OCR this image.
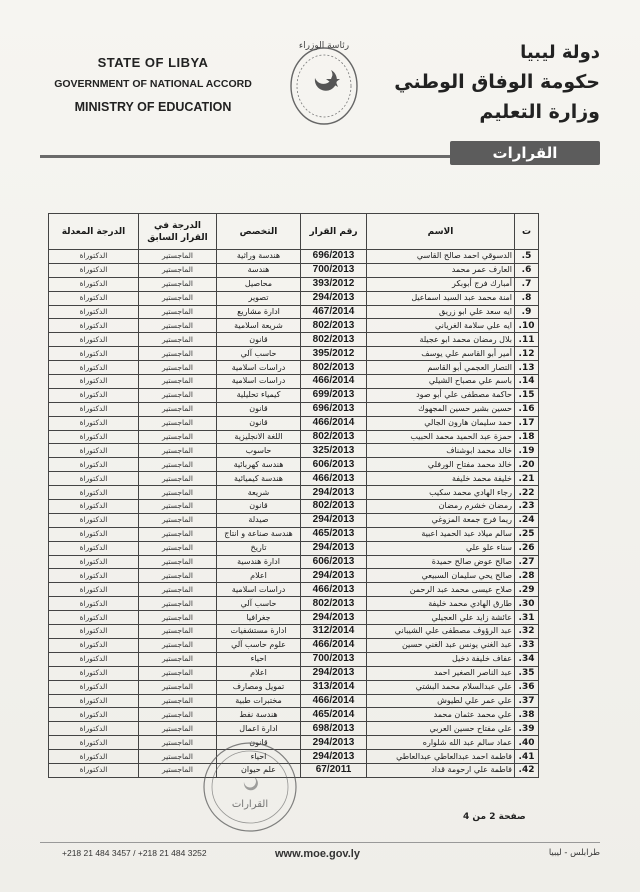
STATE OF LIBYA
GOVERNMENT OF NATIONAL ACCORD
MINISTRY OF EDUCATION
رئاسة الوزراء	دولة ليبيا
حكومة الوفاق الوطني
وزارة التعليم
القرارات
ت	الاسم	رقم القرار	التخصص	الدرجة في القرار السابق	الدرجة المعدلة
5.	الدسوقي احمد صالح القاسي	696/2013	هندسة وراثية	الماجستير	الدكتوراة
6.	العارف عمر محمد	700/2013	هندسة	الماجستير	الدكتوراة
7.	أمبارك فرج أبوبكر	393/2012	محاصيل	الماجستير	الدكتوراة
8.	امنة محمد عبد السيد اسماعيل	294/2013	تصوير	الماجستير	الدكتوراة
9.	ايه سعد علي ابو زريق	467/2014	ادارة مشاريع	الماجستير	الدكتوراة
10.	ايه علي سلامة الغرياني	802/2013	شريعة اسلامية	الماجستير	الدكتوراة
11.	بلال رمضان محمد ابو عجيلة	802/2013	قانون	الماجستير	الدكتوراة
12.	أمير أبو القاسم علي يوسف	395/2012	حاسب آلي	الماجستير	الدكتوراة
13.	التصار العجمي أبو القاسم	802/2013	دراسات اسلامية	الماجستير	الدكتوراة
14.	باسم علي مصباح الشيلي	466/2014	دراسات اسلامية	الماجستير	الدكتوراة
15.	حاكمة مصطفى علي أبو صود	699/2013	كيمياء تحليلية	الماجستير	الدكتوراة
16.	حسين بشير حسين المجهوك	696/2013	قانون	الماجستير	الدكتوراة
17.	حمد سليمان هارون الجالي	466/2014	قانون	الماجستير	الدكتوراة
18.	حمزة عبد الحميد محمد الحبيب	802/2013	اللغة الانجليزية	الماجستير	الدكتوراة
19.	خالد محمد ابوشناف	325/2013	حاسوب	الماجستير	الدكتوراة
20.	خالد محمد مفتاح الورفلي	606/2013	هندسة كهربائية	الماجستير	الدكتوراة
21.	خليفة محمد خليفة	466/2013	هندسة كيميائية	الماجستير	الدكتوراة
22.	رجاء الهادي محمد سكيب	294/2013	شريعة	الماجستير	الدكتوراة
23.	رمضان خشرم رمضان	802/2013	قانون	الماجستير	الدكتوراة
24.	ريما فرج جمعة المزوغي	294/2013	صيدلة	الماجستير	الدكتوراة
25.	سالم ميلاد عبد الحميد اعبية	465/2013	هندسة صناعة و انتاج	الماجستير	الدكتوراة
26.	سناء علو علي	294/2013	تاريخ	الماجستير	الدكتوراة
27.	صالح عوض صالح حميدة	606/2013	ادارة هندسية	الماجستير	الدكتوراة
28.	صالح يحي سليمان السبيعي	294/2013	اعلام	الماجستير	الدكتوراة
29.	صلاح عيسى محمد عبد الرحمن	466/2013	دراسات اسلامية	الماجستير	الدكتوراة
30.	طارق الهادي محمد خليفة	802/2013	حاسب آلي	الماجستير	الدكتوراة
31.	عائشة زايد علي العجيلي	294/2013	جغرافيا	الماجستير	الدكتوراة
32.	عبد الرؤوف مصطفى علي الشيباني	312/2014	ادارة مستشفيات	الماجستير	الدكتوراة
33.	عبد الغني يونس عبد الغني حسين	466/2014	علوم حاسب آلي	الماجستير	الدكتوراة
34.	عفاف خليفة دخيل	700/2013	احياء	الماجستير	الدكتوراة
35.	عبد الناصر الصغير احمد	294/2013	اعلام	الماجستير	الدكتوراة
36.	علي عبدالسلام محمد البشتي	313/2014	تمويل ومصارف	الماجستير	الدكتوراة
37.	علي عمر علي لطيوش	466/2014	مختبرات طبية	الماجستير	الدكتوراة
38.	علي محمد عثمان محمد	465/2014	هندسة نفط	الماجستير	الدكتوراة
39.	علي مفتاح حسين العربي	698/2013	ادارة اعمال	الماجستير	الدكتوراة
40.	عماد سالم عبد الله شلواره	294/2013	قانون	الماجستير	الدكتوراة
41.	فاطمة احمد عبدالعاطي عبدالعاطي	294/2013	احياء	الماجستير	الدكتوراة
42.	فاطمة علي ارحومة قداد	67/2011	علم حيوان	الماجستير	الدكتوراة
القرارات
صفحة 2 من 4
+218 21 484 3457 / +218 21 484 3252	www.moe.gov.ly	طرابلس - ليبيا
